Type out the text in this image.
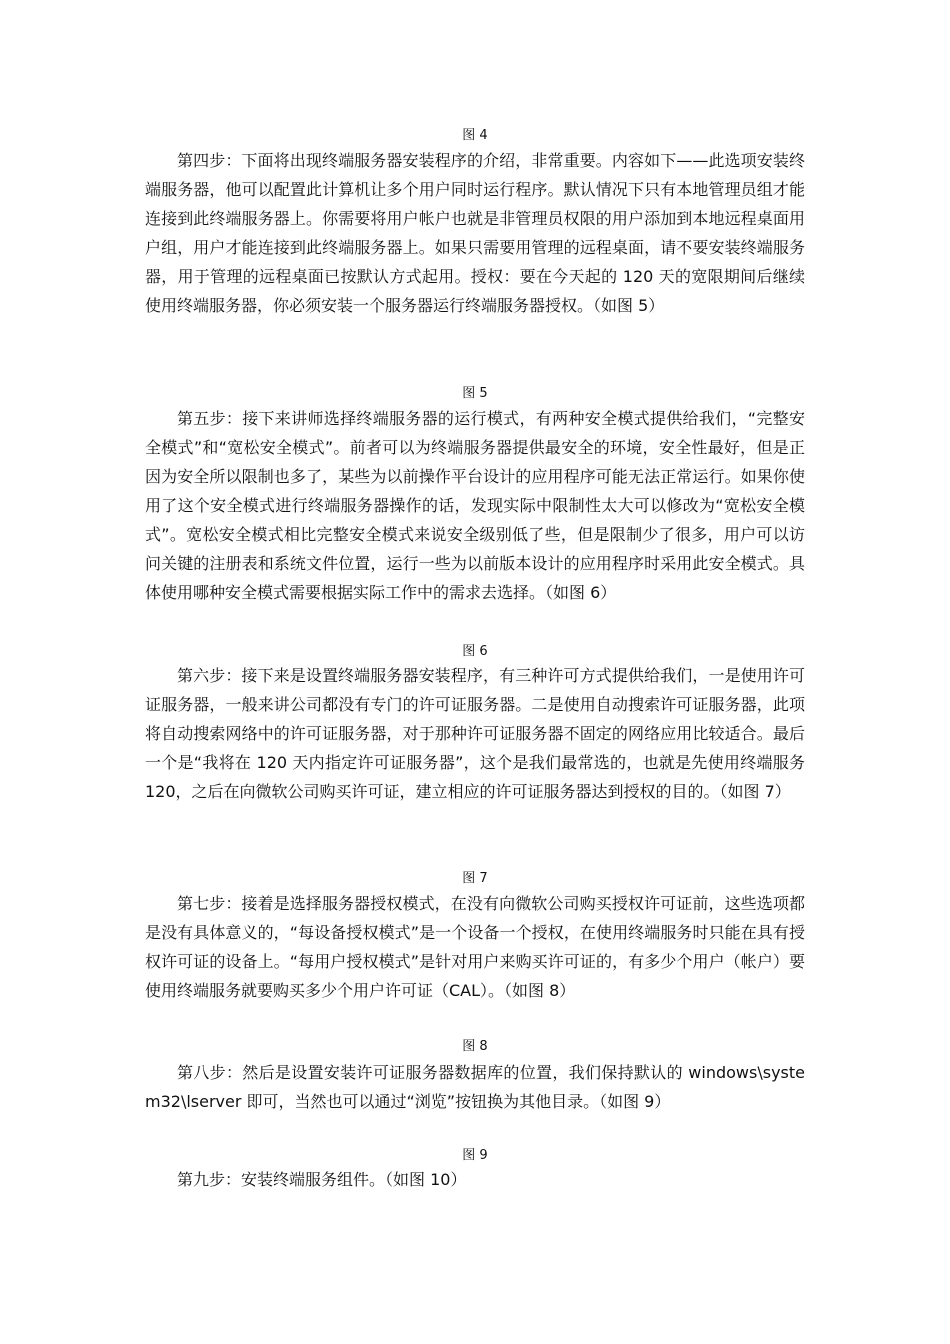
图 4
第四步：下面将出现终端服务器安装程序的介绍，非常重要。内容如下——此选项安装终端服务器，他可以配置此计算机让多个用户同时运行程序。默认情况下只有本地管理员组才能连接到此终端服务器上。你需要将用户帐户也就是非管理员权限的用户添加到本地远程桌面用户组，用户才能连接到此终端服务器上。如果只需要用管理的远程桌面，请不要安装终端服务器，用于管理的远程桌面已按默认方式起用。授权：要在今天起的 120 天的宽限期间后继续使用终端服务器，你必须安装一个服务器运行终端服务器授权。（如图 5）
图 5
第五步：接下来讲师选择终端服务器的运行模式，有两种安全模式提供给我们，“完整安全模式”和“宽松安全模式”。前者可以为终端服务器提供最安全的环境，安全性最好，但是正因为安全所以限制也多了，某些为以前操作平台设计的应用程序可能无法正常运行。如果你使用了这个安全模式进行终端服务器操作的话，发现实际中限制性太大可以修改为“宽松安全模式”。宽松安全模式相比完整安全模式来说安全级别低了些，但是限制少了很多，用户可以访问关键的注册表和系统文件位置，运行一些为以前版本设计的应用程序时采用此安全模式。具体使用哪种安全模式需要根据实际工作中的需求去选择。（如图 6）
图 6
第六步：接下来是设置终端服务器安装程序，有三种许可方式提供给我们，一是使用许可证服务器，一般来讲公司都没有专门的许可证服务器。二是使用自动搜索许可证服务器，此项将自动搜索网络中的许可证服务器，对于那种许可证服务器不固定的网络应用比较适合。最后一个是“我将在 120 天内指定许可证服务器”，这个是我们最常选的，也就是先使用终端服务 120，之后在向微软公司购买许可证，建立相应的许可证服务器达到授权的目的。（如图 7）
图 7
第七步：接着是选择服务器授权模式，在没有向微软公司购买授权许可证前，这些选项都是没有具体意义的，“每设备授权模式”是一个设备一个授权，在使用终端服务时只能在具有授权许可证的设备上。“每用户授权模式”是针对用户来购买许可证的，有多少个用户（帐户）要使用终端服务就要购买多少个用户许可证（CAL）。（如图 8）
图 8
第八步：然后是设置安装许可证服务器数据库的位置，我们保持默认的 windows\system32\lserver 即可，当然也可以通过“浏览”按钮换为其他目录。（如图 9）
图 9
第九步：安装终端服务组件。（如图 10）
